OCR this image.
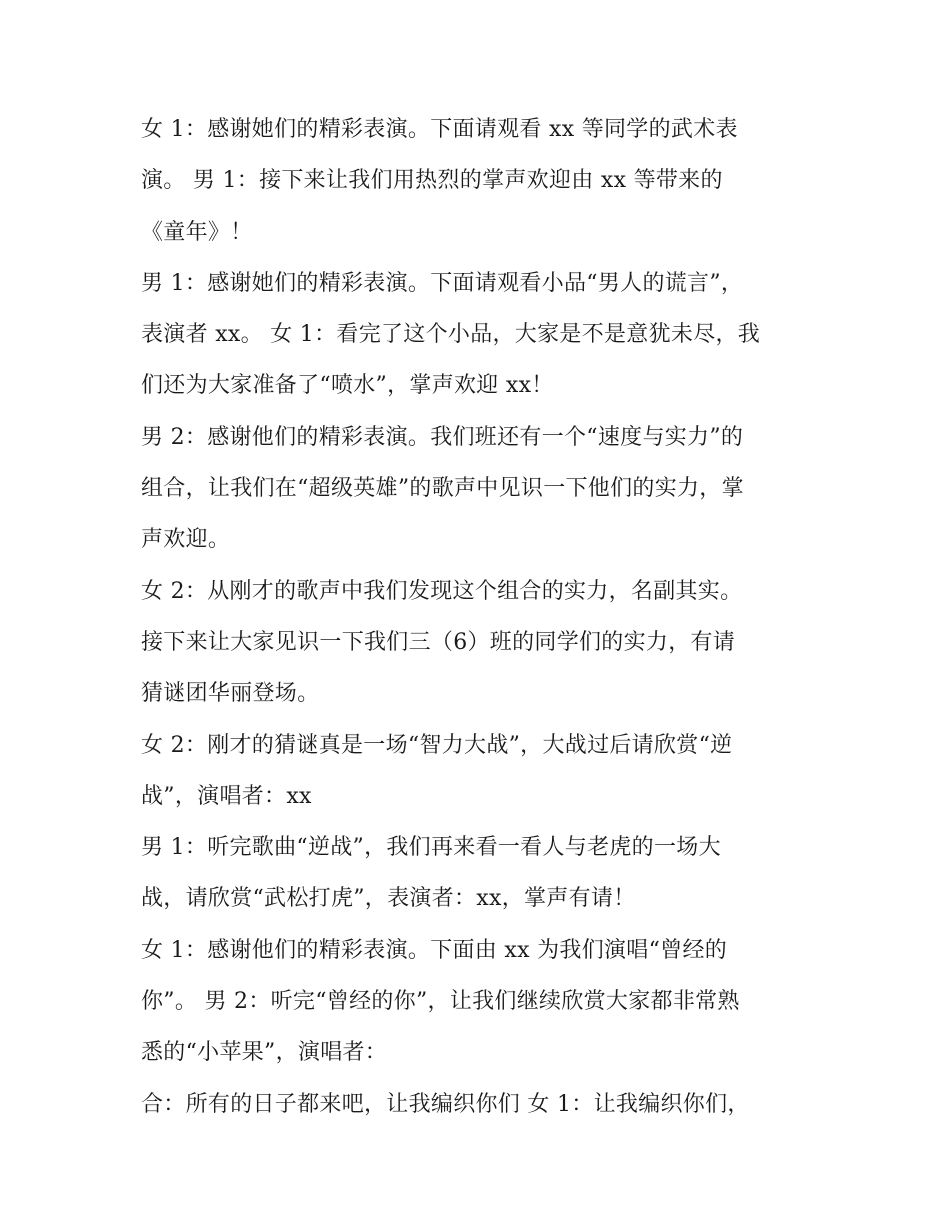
女 1：感谢她们的精彩表演。下面请观看 xx 等同学的武术表
演。 男 1：接下来让我们用热烈的掌声欢迎由 xx 等带来的
《童年》！
男 1：感谢她们的精彩表演。下面请观看小品“男人的谎言”，
表演者 xx。 女 1：看完了这个小品，大家是不是意犹未尽，我
们还为大家准备了“喷水”，掌声欢迎 xx！
男 2：感谢他们的精彩表演。我们班还有一个“速度与实力”的
组合，让我们在“超级英雄”的歌声中见识一下他们的实力，掌
声欢迎。
女 2：从刚才的歌声中我们发现这个组合的实力，名副其实。
接下来让大家见识一下我们三（6）班的同学们的实力，有请
猜谜团华丽登场。
女 2：刚才的猜谜真是一场“智力大战”，大战过后请欣赏“逆
战”，演唱者：xx
男 1：听完歌曲“逆战”，我们再来看一看人与老虎的一场大
战，请欣赏“武松打虎”，表演者：xx，掌声有请！
女 1：感谢他们的精彩表演。下面由 xx 为我们演唱“曾经的
你”。 男 2：听完“曾经的你”，让我们继续欣赏大家都非常熟
悉的“小苹果”，演唱者：
合：所有的日子都来吧，让我编织你们 女 1：让我编织你们，
